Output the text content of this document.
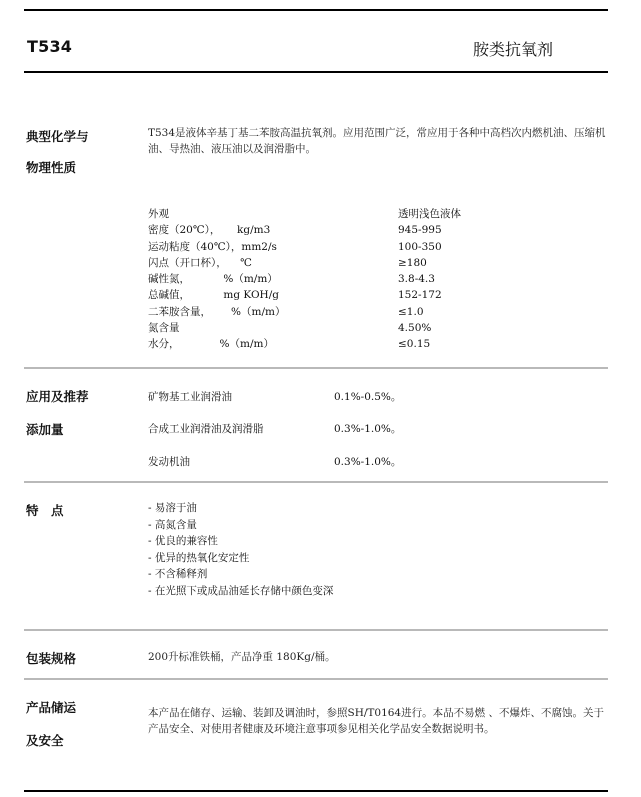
T534	胺类抗氧剂
典型化学与
物理性质
T534是液体辛基丁基二苯胺高温抗氧剂。应用范围广泛，常应用于各种中高档次内燃机油、压缩机油、导热油、液压油以及润滑脂中。
外观	透明浅色液体
密度（20℃），     kg/m3	945-995
运动粘度（40℃），mm2/s	100-350
闪点（开口杯），    ℃	≥180
碱性氮，          %（m/m）	3.8-4.3
总碱值，          mg KOH/g	152-172
二苯胺含量，      %（m/m）	≤1.0
氮含量	4.50%
水分，            %（m/m）	≤0.15
应用及推荐
添加量
矿物基工业润滑油	0.1%-0.5%。
合成工业润滑油及润滑脂	0.3%-1.0%。
发动机油	0.3%-1.0%。
特　点	- 易溶于油
- 高氮含量
- 优良的兼容性
- 优异的热氧化安定性
- 不含稀释剂
- 在光照下或成品油延长存储中颜色变深
包装规格	200升标准铁桶，产品净重 180Kg/桶。
产品储运
及安全
本产品在储存、运输、装卸及调油时，参照SH/T0164进行。本品不易燃 、不爆炸、不腐蚀。关于产品安全、对使用者健康及环境注意事项参见相关化学品安全数据说明书。
